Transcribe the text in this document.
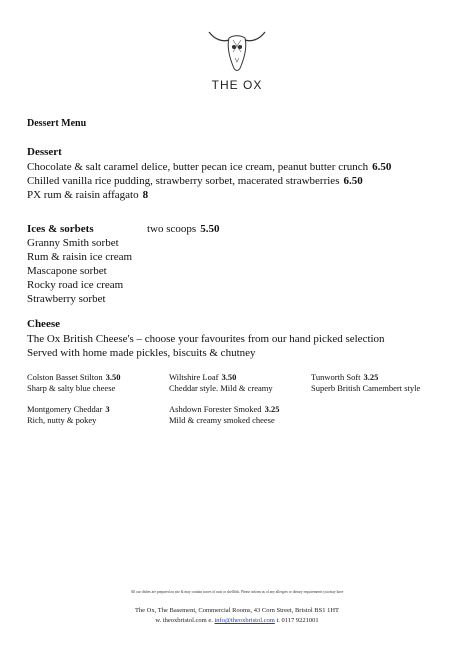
THE OX
Dessert Menu
Dessert
Chocolate & salt caramel delice, butter pecan ice cream, peanut butter crunch 6.50
Chilled vanilla rice pudding, strawberry sorbet, macerated strawberries 6.50
PX rum & raisin affagato 8
Ices & sorbets	two scoops 5.50
Granny Smith sorbet
Rum & raisin ice cream
Mascapone sorbet
Rocky road ice cream
Strawberry sorbet
Cheese
The Ox British Cheese's – choose your favourites from our hand picked selection
Served with home made pickles, biscuits & chutney
Colston Basset Stilton 3.50
Sharp & salty blue cheese
Wiltshire Loaf 3.50
Cheddar style. Mild & creamy
Tunworth Soft 3.25
Superb British Camembert style
Montgomery Cheddar 3
Rich, nutty & pokey
Ashdown Forester Smoked 3.25
Mild & creamy smoked cheese
All our dishes are prepared on site & may contain traces of nuts or shellfish. Please inform us of any allergies or dietary requirements you may have
The Ox, The Basement, Commercial Rooms, 43 Corn Street, Bristol BS1 1HT
w. theoxbristol.com e. info@theoxbristol.com t. 0117 9221001
